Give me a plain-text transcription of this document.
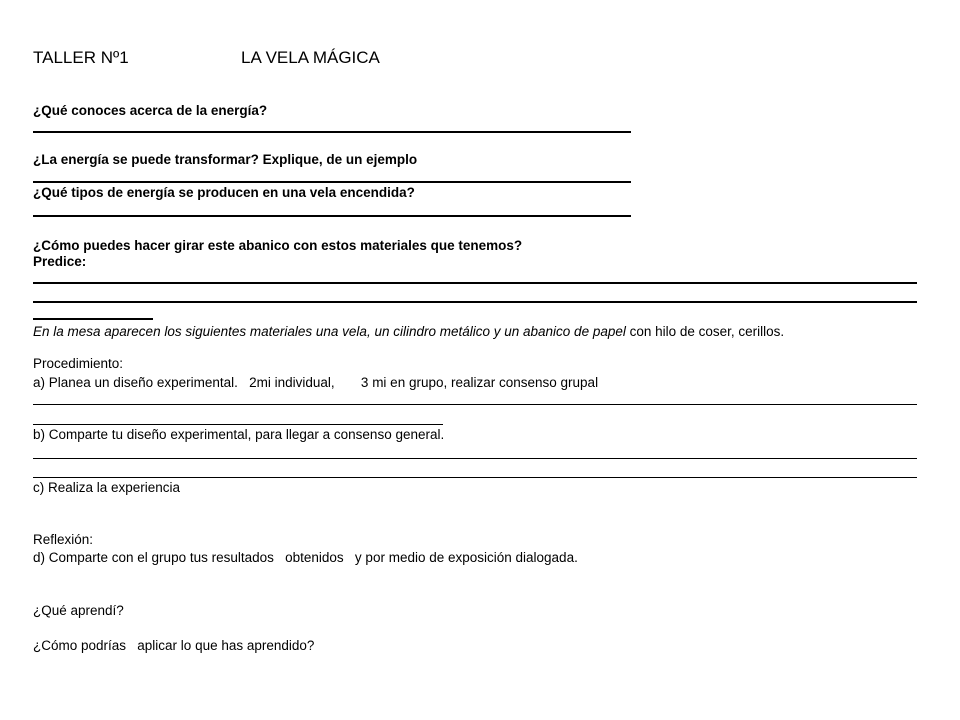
TALLER Nº1	LA VELA MÁGICA
¿Qué conoces acerca de la energía?
¿La energía se puede transformar? Explique, de un ejemplo
¿Qué tipos de energía se producen en una vela encendida?
¿Cómo puedes hacer girar este abanico con estos materiales que tenemos?
Predice:
En la mesa aparecen los siguientes materiales una vela, un cilindro metálico y un abanico de papel con hilo de coser, cerillos.
Procedimiento:
a) Planea un diseño experimental.   2mi individual,       3 mi en grupo, realizar consenso grupal
b) Comparte tu diseño experimental, para llegar a consenso general.
c) Realiza la experiencia
Reflexión:
d) Comparte con el grupo tus resultados   obtenidos   y por medio de exposición dialogada.
¿Qué aprendí?
¿Cómo podrías   aplicar lo que has aprendido?
